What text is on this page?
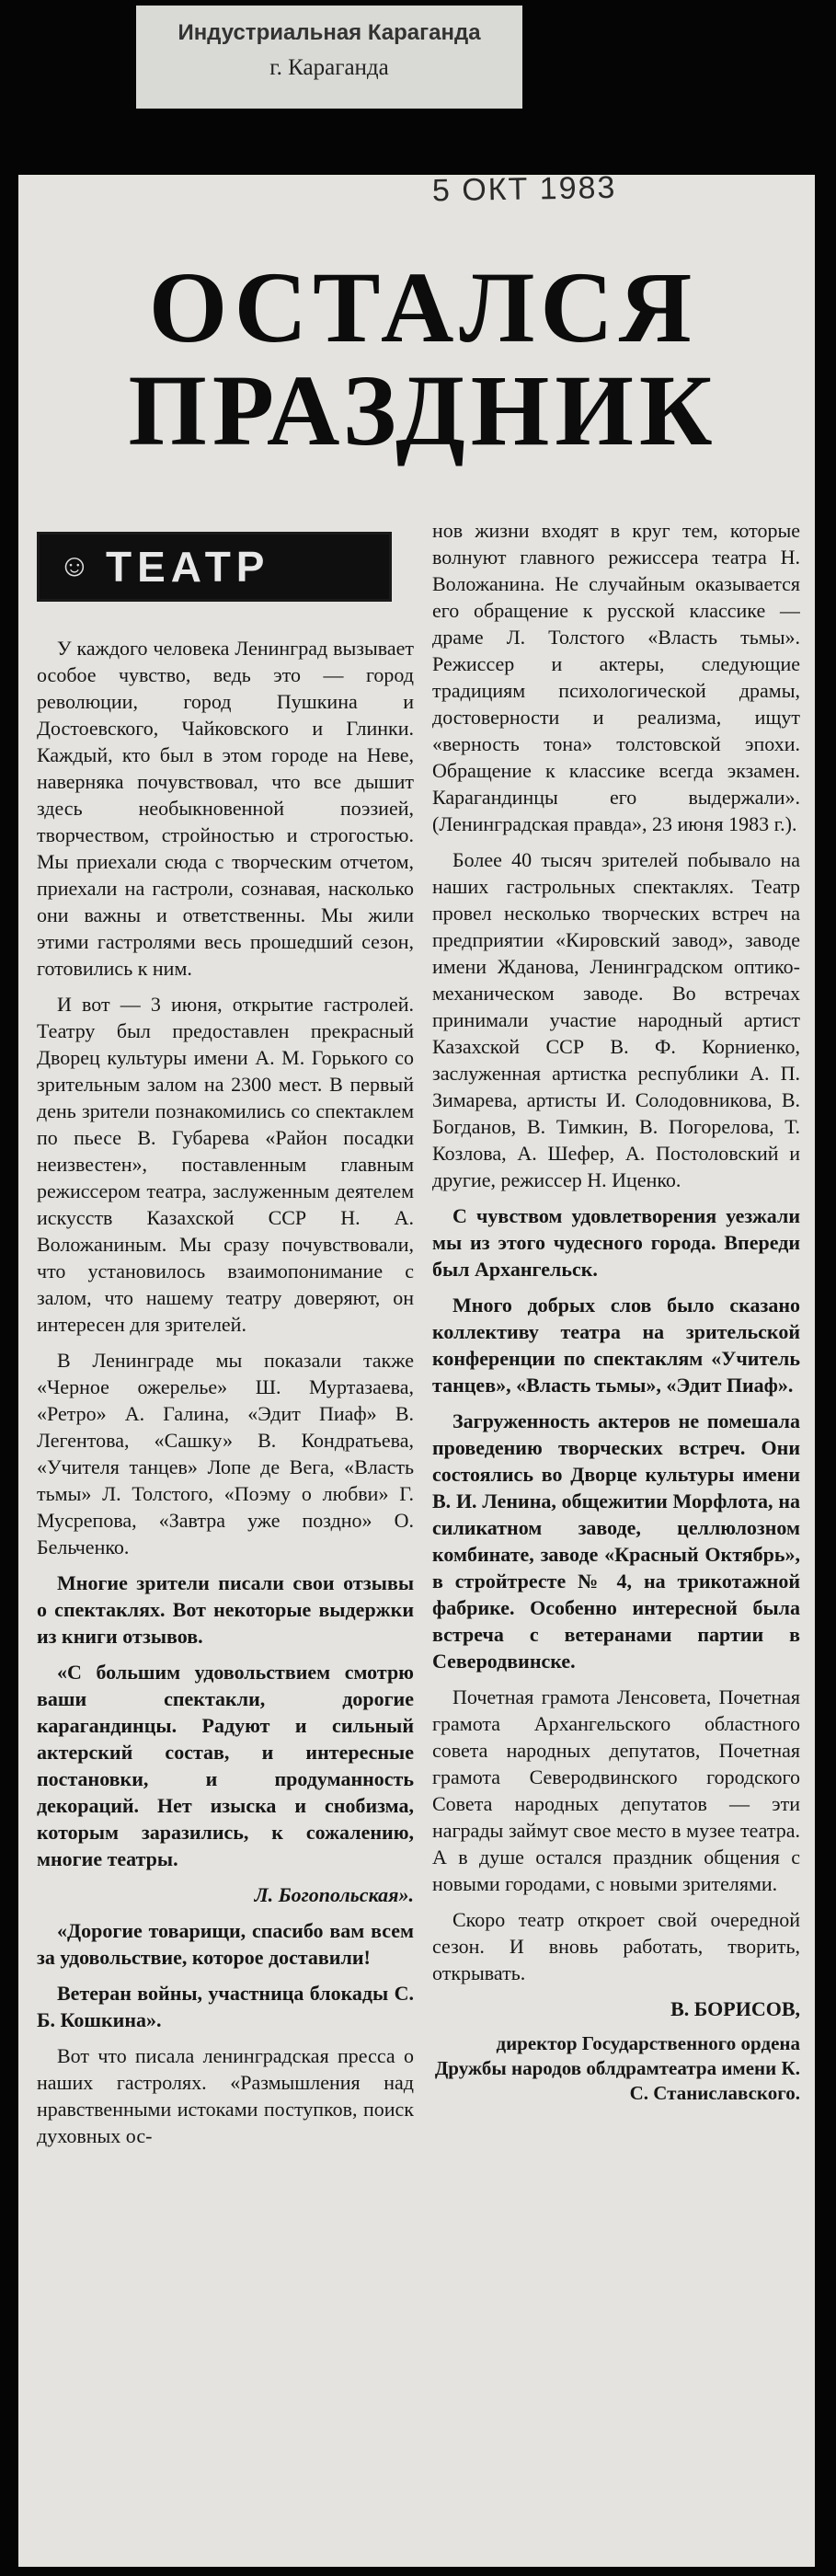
Индустриальная Караганда
г. Караганда
5 ОКТ 1983
ОСТАЛСЯ
ПРАЗДНИК
☺ ТЕАТР

У каждого человека Ленинград вызывает особое чувство, ведь это — город революции, город Пушкина и Достоевского, Чайковского и Глинки. Каждый, кто был в этом городе на Неве, наверняка почувствовал, что все дышит здесь необыкновенной поэзией, творчеством, стройностью и строгостью. Мы приехали сюда с творческим отчетом, приехали на гастроли, сознавая, насколько они важны и ответственны. Мы жили этими гастролями весь прошедший сезон, готовились к ним.

И вот — 3 июня, открытие гастролей. Театру был предоставлен прекрасный Дворец культуры имени А. М. Горького со зрительным залом на 2300 мест. В первый день зрители познакомились со спектаклем по пьесе В. Губарева «Район посадки неизвестен», поставленным главным режиссером театра, заслуженным деятелем искусств Казахской ССР Н. А. Воложаниным. Мы сразу почувствовали, что установилось взаимопонимание с залом, что нашему театру доверяют, он интересен для зрителей.

В Ленинграде мы показали также «Черное ожерелье» Ш. Муртазаева, «Ретро» А. Галина, «Эдит Пиаф» В. Легентова, «Сашку» В. Кондратьева, «Учителя танцев» Лопе де Вега, «Власть тьмы» Л. Толстого, «Поэму о любви» Г. Мусрепова, «Завтра уже поздно» О. Бельченко.

Многие зрители писали свои отзывы о спектаклях. Вот некоторые выдержки из книги отзывов.

«С большим удовольствием смотрю ваши спектакли, дорогие карагандинцы. Радуют и сильный актерский состав, и интересные постановки, и продуманность декораций. Нет изыска и снобизма, которым заразились, к сожалению, многие театры.

Л. Богопольская».

«Дорогие товарищи, спасибо вам всем за удовольствие, которое доставили!

Ветеран войны, участница блокады С. Б. Кошкина».

Вот что писала ленинградская пресса о наших гастролях. «Размышления над нравственными истоками поступков, поиск духовных ос-

нов жизни входят в круг тем, которые волнуют главного режиссера театра Н. Воложанина. Не случайным оказывается его обращение к русской классике — драме Л. Толстого «Власть тьмы». Режиссер и актеры, следующие традициям психологической драмы, достоверности и реализма, ищут «верность тона» толстовской эпохи. Обращение к классике всегда экзамен. Карагандинцы его выдержали». (Ленинградская правда», 23 июня 1983 г.).

Более 40 тысяч зрителей побывало на наших гастрольных спектаклях. Театр провел несколько творческих встреч на предприятии «Кировский завод», заводе имени Жданова, Ленинградском оптико-механическом заводе. Во встречах принимали участие народный артист Казахской ССР В. Ф. Корниенко, заслуженная артистка республики А. П. Зимарева, артисты И. Солодовникова, В. Богданов, В. Тимкин, В. Погорелова, Т. Козлова, А. Шефер, А. Постоловский и другие, режиссер Н. Иценко.

С чувством удовлетворения уезжали мы из этого чудесного города. Впереди был Архангельск.

Много добрых слов было сказано коллективу театра на зрительской конференции по спектаклям «Учитель танцев», «Власть тьмы», «Эдит Пиаф».

Загруженность актеров не помешала проведению творческих встреч. Они состоялись во Дворце культуры имени В. И. Ленина, общежитии Морфлота, на силикатном заводе, целлюлозном комбинате, заводе «Красный Октябрь», в стройтресте № 4, на трикотажной фабрике. Особенно интересной была встреча с ветеранами партии в Северодвинске.

Почетная грамота Ленсовета, Почетная грамота Архангельского областного совета народных депутатов, Почетная грамота Северодвинского городского Совета народных депутатов — эти награды займут свое место в музее театра. А в душе остался праздник общения с новыми городами, с новыми зрителями.

Скоро театр откроет свой очередной сезон. И вновь работать, творить, открывать.

В. БОРИСОВ,

директор Государственного ордена Дружбы народов облдрамтеатра имени К. С. Станиславского.
